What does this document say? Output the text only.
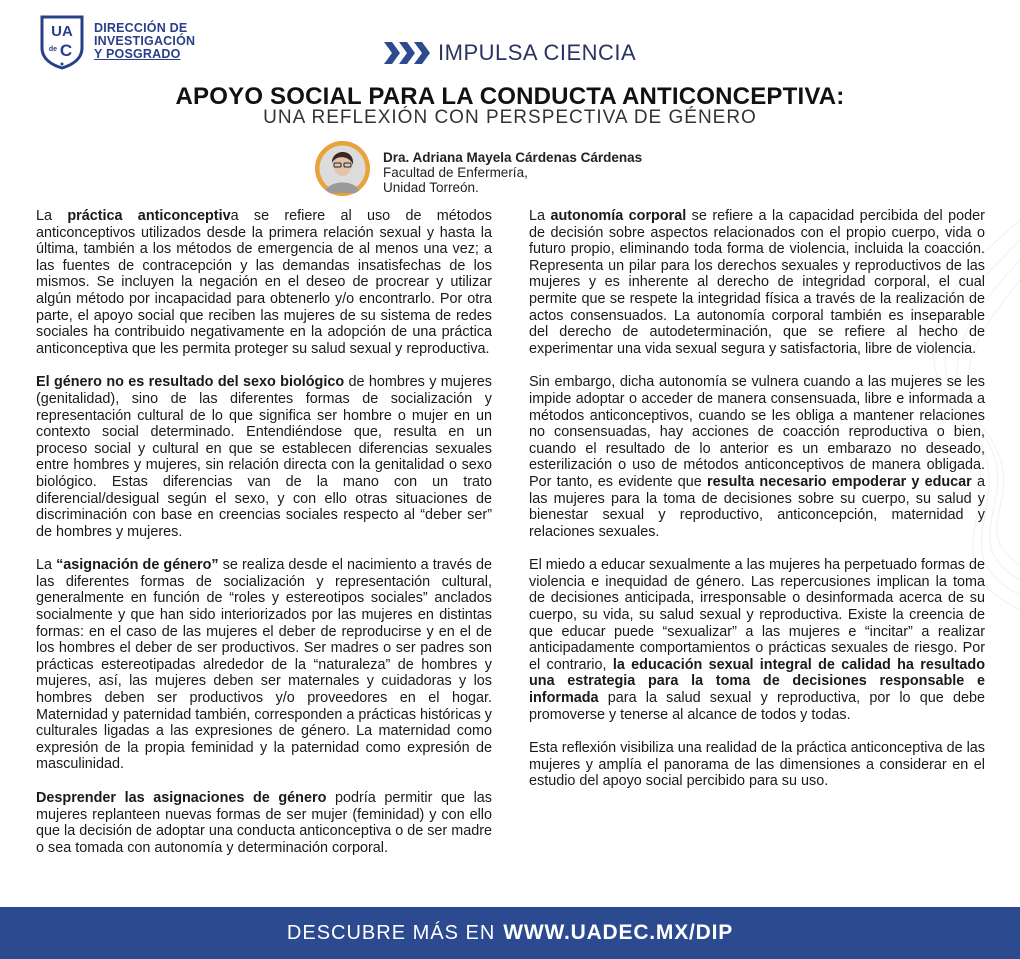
UA
de C
DIRECCIÓN DE
INVESTIGACIÓN
Y POSGRADO	IMPULSA CIENCIA
APOYO SOCIAL PARA LA CONDUCTA ANTICONCEPTIVA:
UNA REFLEXIÓN CON PERSPECTIVA DE GÉNERO
Dra. Adriana Mayela Cárdenas Cárdenas
Facultad de Enfermería,
Unidad Torreón.

La práctica anticonceptiva se refiere al uso de métodos anticonceptivos utilizados desde la primera relación sexual y hasta la última, también a los métodos de emergencia de al menos una vez; a las fuentes de contracepción y las demandas insatisfechas de los mismos. Se incluyen la negación en el deseo de procrear y utilizar algún método por incapacidad para obtenerlo y/o encontrarlo. Por otra parte, el apoyo social que reciben las mujeres de su sistema de redes sociales ha contribuido negativamente en la adopción de una práctica anticonceptiva que les permita proteger su salud sexual y reproductiva.

El género no es resultado del sexo biológico de hombres y mujeres (genitalidad), sino de las diferentes formas de socialización y representación cultural de lo que significa ser hombre o mujer en un contexto social determinado. Entendiéndose que, resulta en un proceso social y cultural en que se establecen diferencias sexuales entre hombres y mujeres, sin relación directa con la genitalidad o sexo biológico. Estas diferencias van de la mano con un trato diferencial/desigual según el sexo, y con ello otras situaciones de discriminación con base en creencias sociales respecto al “deber ser” de hombres y mujeres.

La “asignación de género” se realiza desde el nacimiento a través de las diferentes formas de socialización y representación cultural, generalmente en función de “roles y estereotipos sociales” anclados socialmente y que han sido interiorizados por las mujeres en distintas formas: en el caso de las mujeres el deber de reproducirse y en el de los hombres el deber de ser productivos. Ser madres o ser padres son prácticas estereotipadas alrededor de la “naturaleza” de hombres y mujeres, así, las mujeres deben ser maternales y cuidadoras y los hombres deben ser productivos y/o proveedores en el hogar. Maternidad y paternidad también, corresponden a prácticas históricas y culturales ligadas a las expresiones de género. La maternidad como expresión de la propia feminidad y la paternidad como expresión de masculinidad.

Desprender las asignaciones de género podría permitir que las mujeres replanteen nuevas formas de ser mujer (feminidad) y con ello que la decisión de adoptar una conducta anticonceptiva o de ser madre o sea tomada con autonomía y determinación corporal.

La autonomía corporal se refiere a la capacidad percibida del poder de decisión sobre aspectos relacionados con el propio cuerpo, vida o futuro propio, eliminando toda forma de violencia, incluida la coacción. Representa un pilar para los derechos sexuales y reproductivos de las mujeres y es inherente al derecho de integridad corporal, el cual permite que se respete la integridad física a través de la realización de actos consensuados. La autonomía corporal también es inseparable del derecho de autodeterminación, que se refiere al hecho de experimentar una vida sexual segura y satisfactoria, libre de violencia.

Sin embargo, dicha autonomía se vulnera cuando a las mujeres se les impide adoptar o acceder de manera consensuada, libre e informada a métodos anticonceptivos, cuando se les obliga a mantener relaciones no consensuadas, hay acciones de coacción reproductiva o bien, cuando el resultado de lo anterior es un embarazo no deseado, esterilización o uso de métodos anticonceptivos de manera obligada. Por tanto, es evidente que resulta necesario empoderar y educar a las mujeres para la toma de decisiones sobre su cuerpo, su salud y bienestar sexual y reproductivo, anticoncepción, maternidad y relaciones sexuales.

El miedo a educar sexualmente a las mujeres ha perpetuado formas de violencia e inequidad de género. Las repercusiones implican la toma de decisiones anticipada, irresponsable o desinformada acerca de su cuerpo, su vida, su salud sexual y reproductiva. Existe la creencia de que educar puede “sexualizar” a las mujeres e “incitar” a realizar anticipadamente comportamientos o prácticas sexuales de riesgo. Por el contrario, la educación sexual integral de calidad ha resultado una estrategia para la toma de decisiones responsable e informada para la salud sexual y reproductiva, por lo que debe promoverse y tenerse al alcance de todos y todas.

Esta reflexión visibiliza una realidad de la práctica anticonceptiva de las mujeres y amplía el panorama de las dimensiones a considerar en el estudio del apoyo social percibido para su uso.

DESCUBRE MÁS EN WWW.UADEC.MX/DIP
